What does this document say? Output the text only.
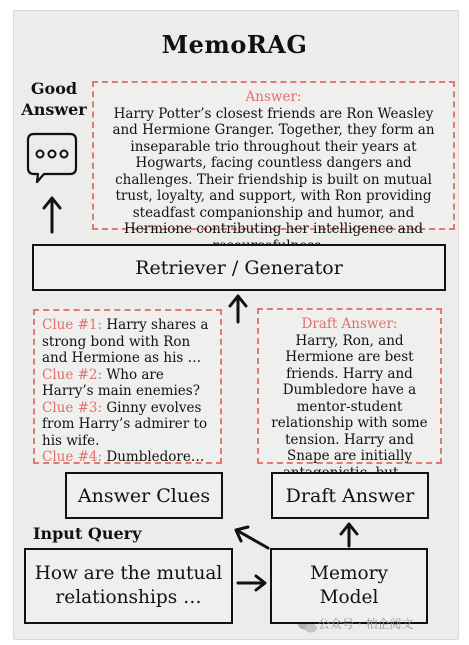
MemoRAG
Good Answer
Answer:
Harry Potter’s closest friends are Ron Weasley and Hermione Granger. Together, they form an inseparable trio throughout their years at Hogwarts, facing countless dangers and challenges. Their friendship is built on mutual trust, loyalty, and support, with Ron providing steadfast companionship and humor, and Hermione contributing her intelligence and
Retriever / Generator
Clue #1: Harry shares a strong bond with Ron and Hermione as his …
Clue #2: Who are Harry’s main enemies?
Clue #3: Ginny evolves from Harry’s admirer to his wife.
Clue #4: Dumbledore…
Draft Answer:
Harry, Ron, and Hermione are best friends. Harry and Dumbledore have a mentor-student relationship with some tension. Harry and Snape are initially
Answer Clues	Draft Answer
Input Query
How are the mutual relationships …
Memory Model
公众号 · 柏企阅文
